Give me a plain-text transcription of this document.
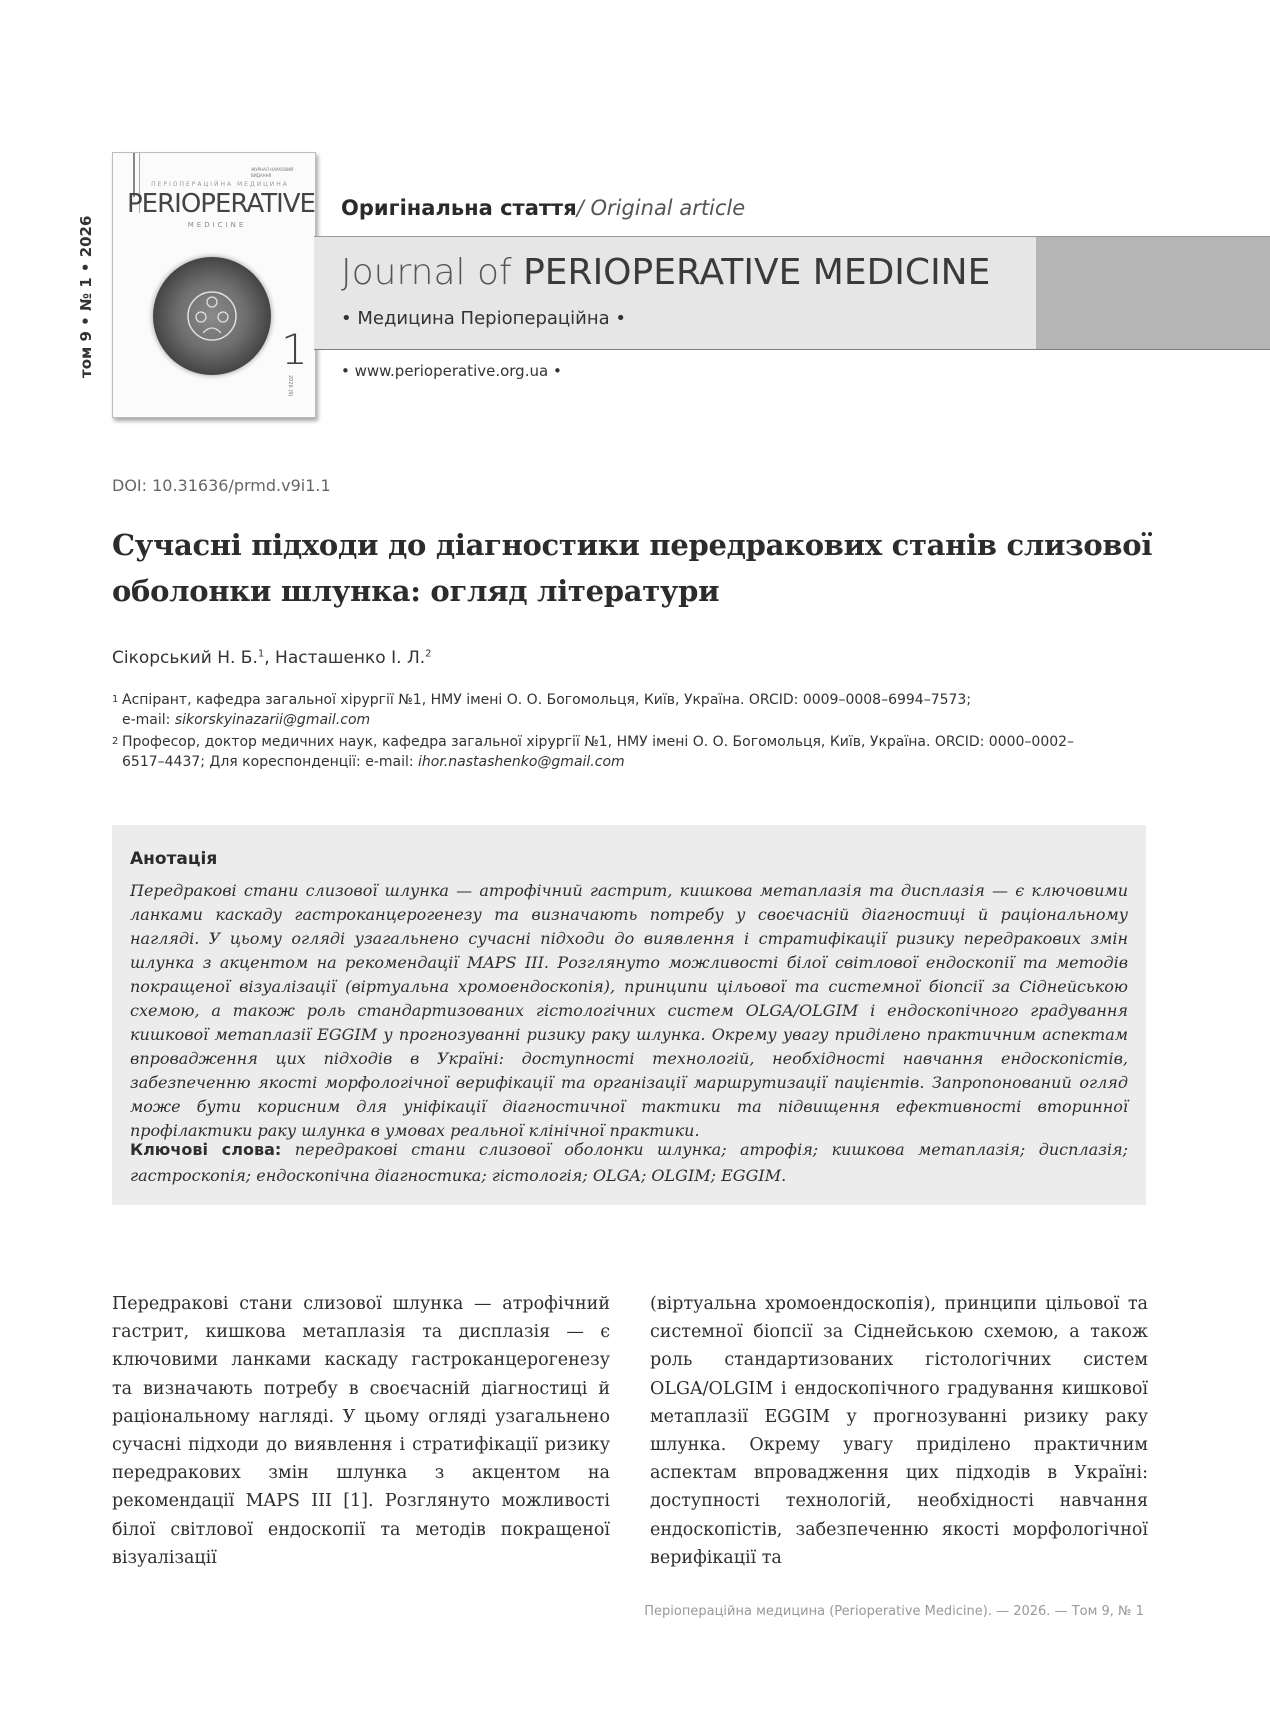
том 9 • № 1 • 2026
ЖУРНАЛ НАУКОВИЙ ВИДАННЯ
ПЕРІОПЕРАЦІЙНА МЕДИЦИНА
PERIOPERATIVE
MEDICINE
1
2026 (9)
Оригінальна стаття/ Original article
Journal of PERIOPERATIVE MEDICINE
• Медицина Періопераційна •
• www.perioperative.org.ua •
DOI: 10.31636/prmd.v9i1.1
Сучасні підходи до діагностики передракових станів слизової оболонки шлунка: огляд літератури
Сікорський Н. Б.$^1$, Насташенко І. Л.$^2$
1 Аспірант, кафедра загальної хірургії №1, НМУ імені О. О. Богомольця, Київ, Україна. ORCID: 0009–0008–6994–7573;
e-mail: sikorskyinazarii@gmail.com
2 Професор, доктор медичних наук, кафедра загальної хірургії №1, НМУ імені О. О. Богомольця, Київ, Україна. ORCID: 0000–0002–6517–4437; Для кореспонденції: e-mail: ihor.nastashenko@gmail.com
Анотація
Передракові стани слизової шлунка — атрофічний гастрит, кишкова метаплазія та дисплазія — є ключовими ланками каскаду гастроканцерогенезу та визначають потребу у своєчасній діагностиці й раціональному нагляді. У цьому огляді узагальнено сучасні підходи до виявлення і стратифікації ризику передракових змін шлунка з акцентом на рекомендації MAPS III. Розглянуто можливості білої світлової ендоскопії та методів покращеної візуалізації (віртуальна хромоендоскопія), принципи цільової та системної біопсії за Сіднейською схемою, а також роль стандартизованих гістологічних систем OLGA/OLGIM і ендоскопічного градування кишкової метаплазії EGGIM у прогнозуванні ризику раку шлунка. Окрему увагу приділено практичним аспектам впровадження цих підходів в Україні: доступності технологій, необхідності навчання ендоскопістів, забезпеченню якості морфологічної верифікації та організації маршрутизації пацієнтів. Запропонований огляд може бути корисним для уніфікації діагностичної тактики та підвищення ефективності вторинної профілактики раку шлунка в умовах реальної клінічної практики.
Ключові слова: передракові стани слизової оболонки шлунка; атрофія; кишкова метаплазія; дисплазія; гастроскопія; ендоскопічна діагностика; гістологія; OLGA; OLGIM; EGGIM.
Передракові стани слизової шлунка — атрофічний гастрит, кишкова метаплазія та дисплазія — є ключовими ланками каскаду гастроканцерогенезу та визначають потребу в своєчасній діагностиці й раціональному нагляді. У цьому огляді узагальнено сучасні підходи до виявлення і стратифікації ризику передракових змін шлунка з акцентом на рекомендації MAPS III [1]. Розглянуто можливості білої світлової ендоскопії та методів покращеної візуалізації
(віртуальна хромоендоскопія), принципи цільової та системної біопсії за Сіднейською схемою, а також роль стандартизованих гістологічних систем OLGA/OLGIM і ендоскопічного градування кишкової метаплазії EGGIM у прогнозуванні ризику раку шлунка. Окрему увагу приділено практичним аспектам впровадження цих підходів в Україні: доступності технологій, необхідності навчання ендоскопістів, забезпеченню якості морфологічної верифікації та
Періопераційна медицина (Perioperative Medicine). — 2026. — Том 9, № 1
